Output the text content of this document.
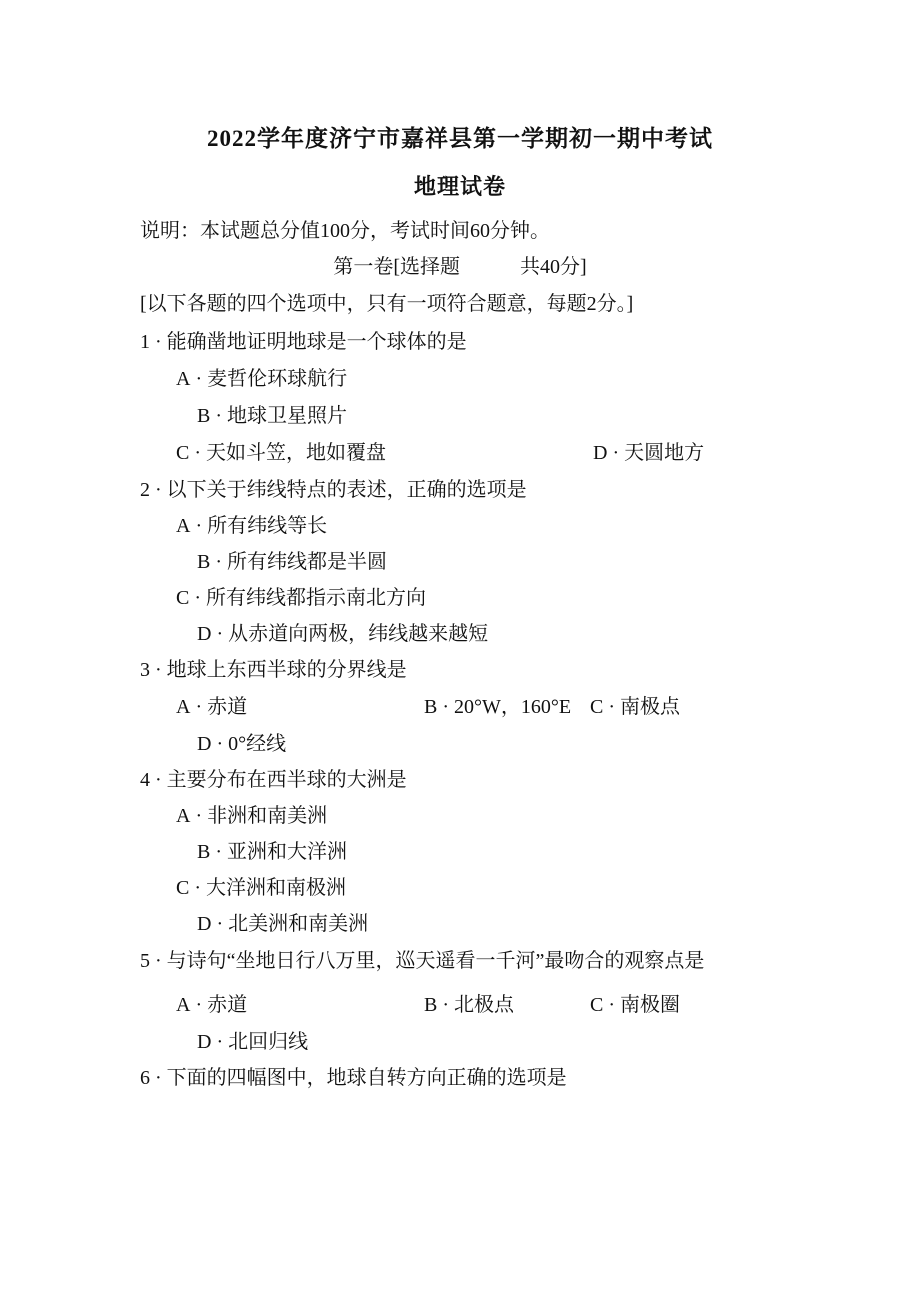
2022学年度济宁市嘉祥县第一学期初一期中考试
地理试卷
说明：本试题总分值100分，考试时间60分钟。
第一卷[选择题　　　共40分]
[以下各题的四个选项中，只有一项符合题意，每题2分。]
1 · 能确凿地证明地球是一个球体的是
A · 麦哲伦环球航行
B · 地球卫星照片
C · 天如斗笠，地如覆盘	D · 天圆地方
2 · 以下关于纬线特点的表述，正确的选项是
A · 所有纬线等长
B · 所有纬线都是半圆
C · 所有纬线都指示南北方向
D · 从赤道向两极，纬线越来越短
3 · 地球上东西半球的分界线是
A · 赤道	B · 20°W，160°E C · 南极点
D · 0°经线
4 · 主要分布在西半球的大洲是
A · 非洲和南美洲
B · 亚洲和大洋洲
C · 大洋洲和南极洲
D · 北美洲和南美洲
5 · 与诗句“坐地日行八万里，巡天遥看一千河”最吻合的观察点是
A · 赤道	B · 北极点	C · 南极圈
D · 北回归线
6 · 下面的四幅图中，地球自转方向正确的选项是
